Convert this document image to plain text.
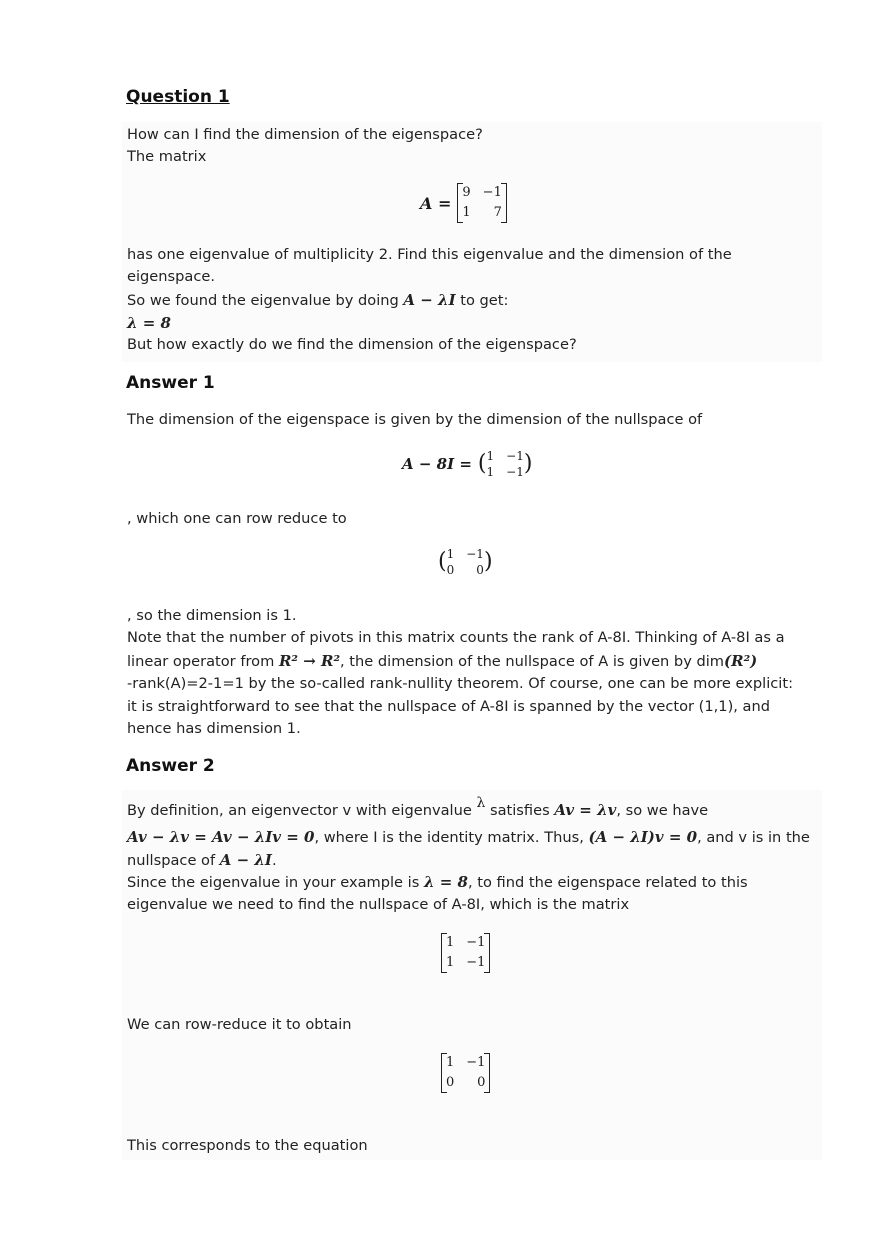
Question 1
How can I find the dimension of the eigenspace?
The matrix
A =
9 −1
1	7
has one eigenvalue of multiplicity 2. Find this eigenvalue and the dimension of the
eigenspace.
So we found the eigenvalue by doing A − λI to get:
λ = 8
But how exactly do we find the dimension of the eigenspace?
Answer 1
The dimension of the eigenspace is given by the dimension of the nullspace of
A − 8I = ( 1 −1
1 −1 )
, which one can row reduce to
( 1 −1
0	0 )
, so the dimension is 1.
Note that the number of pivots in this matrix counts the rank of A-8I. Thinking of A-8I as a
linear operator from R² → R², the dimension of the nullspace of A is given by dim(R²)
-rank(A)=2-1=1 by the so-called rank-nullity theorem. Of course, one can be more explicit:
it is straightforward to see that the nullspace of A-8I is spanned by the vector (1,1), and
hence has dimension 1.
Answer 2
By definition, an eigenvector v with eigenvalue λ satisfies Av = λv, so we have
Av − λv = Av − λIv = 0, where I is the identity matrix. Thus, (A − λI)v = 0, and v is in the
nullspace of A − λI.
Since the eigenvalue in your example is λ = 8, to find the eigenspace related to this
eigenvalue we need to find the nullspace of A-8I, which is the matrix
1 −1
1 −1
We can row-reduce it to obtain
1 −1
0	0
This corresponds to the equation
